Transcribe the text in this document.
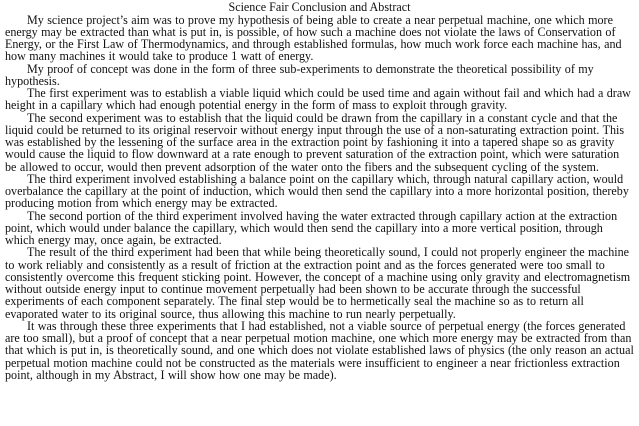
Science Fair Conclusion and Abstract

My science project’s aim was to prove my hypothesis of being able to create a near perpetual machine, one which more energy may be extracted than what is put in, is possible, of how such a machine does not violate the laws of Conservation of Energy, or the First Law of Thermodynamics, and through established formulas, how much work force each machine has, and how many machines it would take to produce 1 watt of energy.

My proof of concept was done in the form of three sub-experiments to demonstrate the theoretical possibility of my hypothesis.

The first experiment was to establish a viable liquid which could be used time and again without fail and which had a draw height in a capillary which had enough potential energy in the form of mass to exploit through gravity.

The second experiment was to establish that the liquid could be drawn from the capillary in a constant cycle and that the liquid could be returned to its original reservoir without energy input through the use of a non-saturating extraction point. This was established by the lessening of the surface area in the extraction point by fashioning it into a tapered shape so as gravity would cause the liquid to flow downward at a rate enough to prevent saturation of the extraction point, which were saturation be allowed to occur, would then prevent adsorption of the water onto the fibers and the subsequent cycling of the system.

The third experiment involved establishing a balance point on the capillary which, through natural capillary action, would overbalance the capillary at the point of induction, which would then send the capillary into a more horizontal position, thereby producing motion from which energy may be extracted.

The second portion of the third experiment involved having the water extracted through capillary action at the extraction point, which would under balance the capillary, which would then send the capillary into a more vertical position, through which energy may, once again, be extracted.

The result of the third experiment had been that while being theoretically sound, I could not properly engineer the machine to work reliably and consistently as a result of friction at the extraction point and as the forces generated were too small to consistently overcome this frequent sticking point. However, the concept of a machine using only gravity and electromagnetism without outside energy input to continue movement perpetually had been shown to be accurate through the successful experiments of each component separately. The final step would be to hermetically seal the machine so as to return all evaporated water to its original source, thus allowing this machine to run nearly perpetually.

It was through these three experiments that I had established, not a viable source of perpetual energy (the forces generated are too small), but a proof of concept that a near perpetual motion machine, one which more energy may be extracted from than that which is put in, is theoretically sound, and one which does not violate established laws of physics (the only reason an actual perpetual motion machine could not be constructed as the materials were insufficient to engineer a near frictionless extraction point, although in my Abstract, I will show how one may be made).
